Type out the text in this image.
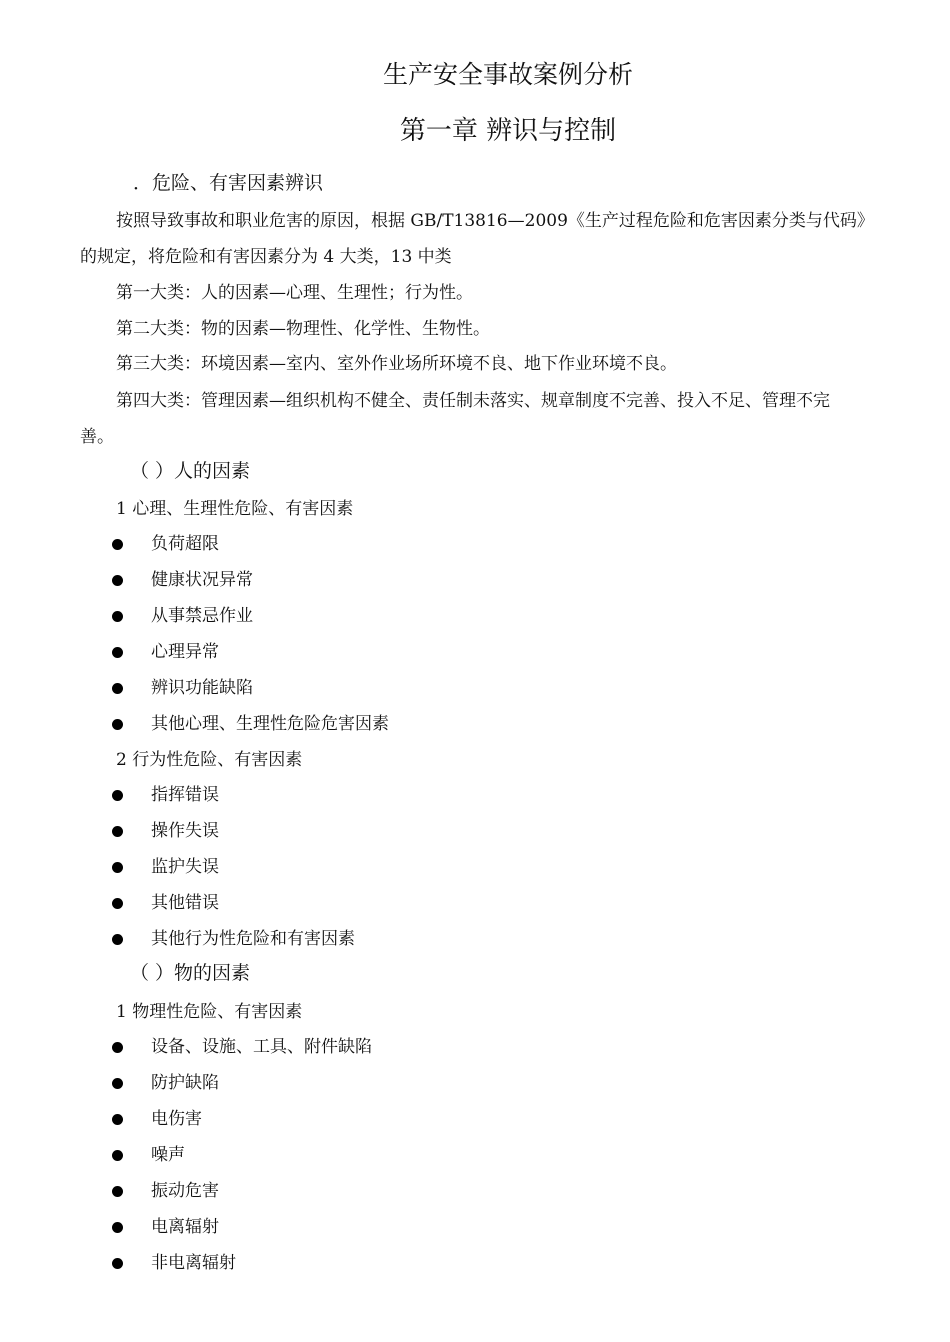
生产安全事故案例分析
第一章 辨识与控制
．危险、有害因素辨识
按照导致事故和职业危害的原因，根据 GB/T13816—2009《生产过程危险和危害因素分类与代码》
的规定，将危险和有害因素分为 4 大类，13 中类
第一大类：人的因素—心理、生理性；行为性。
第二大类：物的因素—物理性、化学性、生物性。
第三大类：环境因素—室内、室外作业场所环境不良、地下作业环境不良。
第四大类：管理因素—组织机构不健全、责任制未落实、规章制度不完善、投入不足、管理不完
善。
（ ）人的因素
1 心理、生理性危险、有害因素
负荷超限
健康状况异常
从事禁忌作业
心理异常
辨识功能缺陷
其他心理、生理性危险危害因素
2 行为性危险、有害因素
指挥错误
操作失误
监护失误
其他错误
其他行为性危险和有害因素
（ ）物的因素
1 物理性危险、有害因素
设备、设施、工具、附件缺陷
防护缺陷
电伤害
噪声
振动危害
电离辐射
非电离辐射
